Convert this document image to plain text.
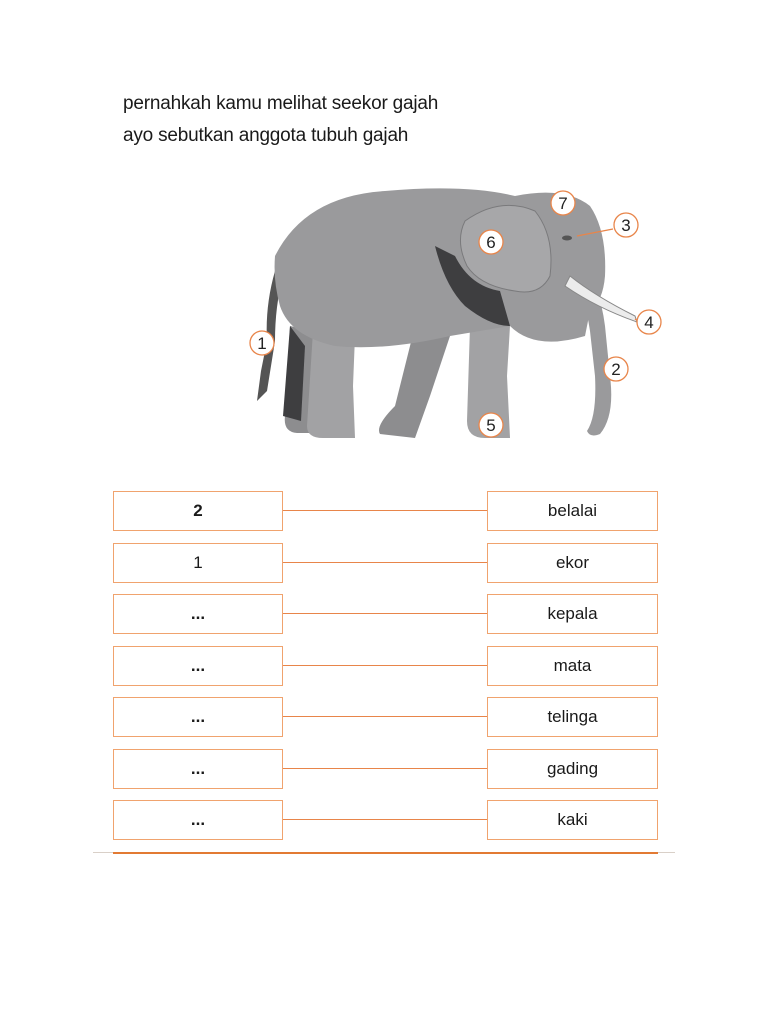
pernahkah kamu melihat seekor gajah
ayo sebutkan anggota tubuh gajah
1
2
3
4
5
6
7
2	belalai
1	ekor
...	kepala
...	mata
...	telinga
...	gading
...	kaki
